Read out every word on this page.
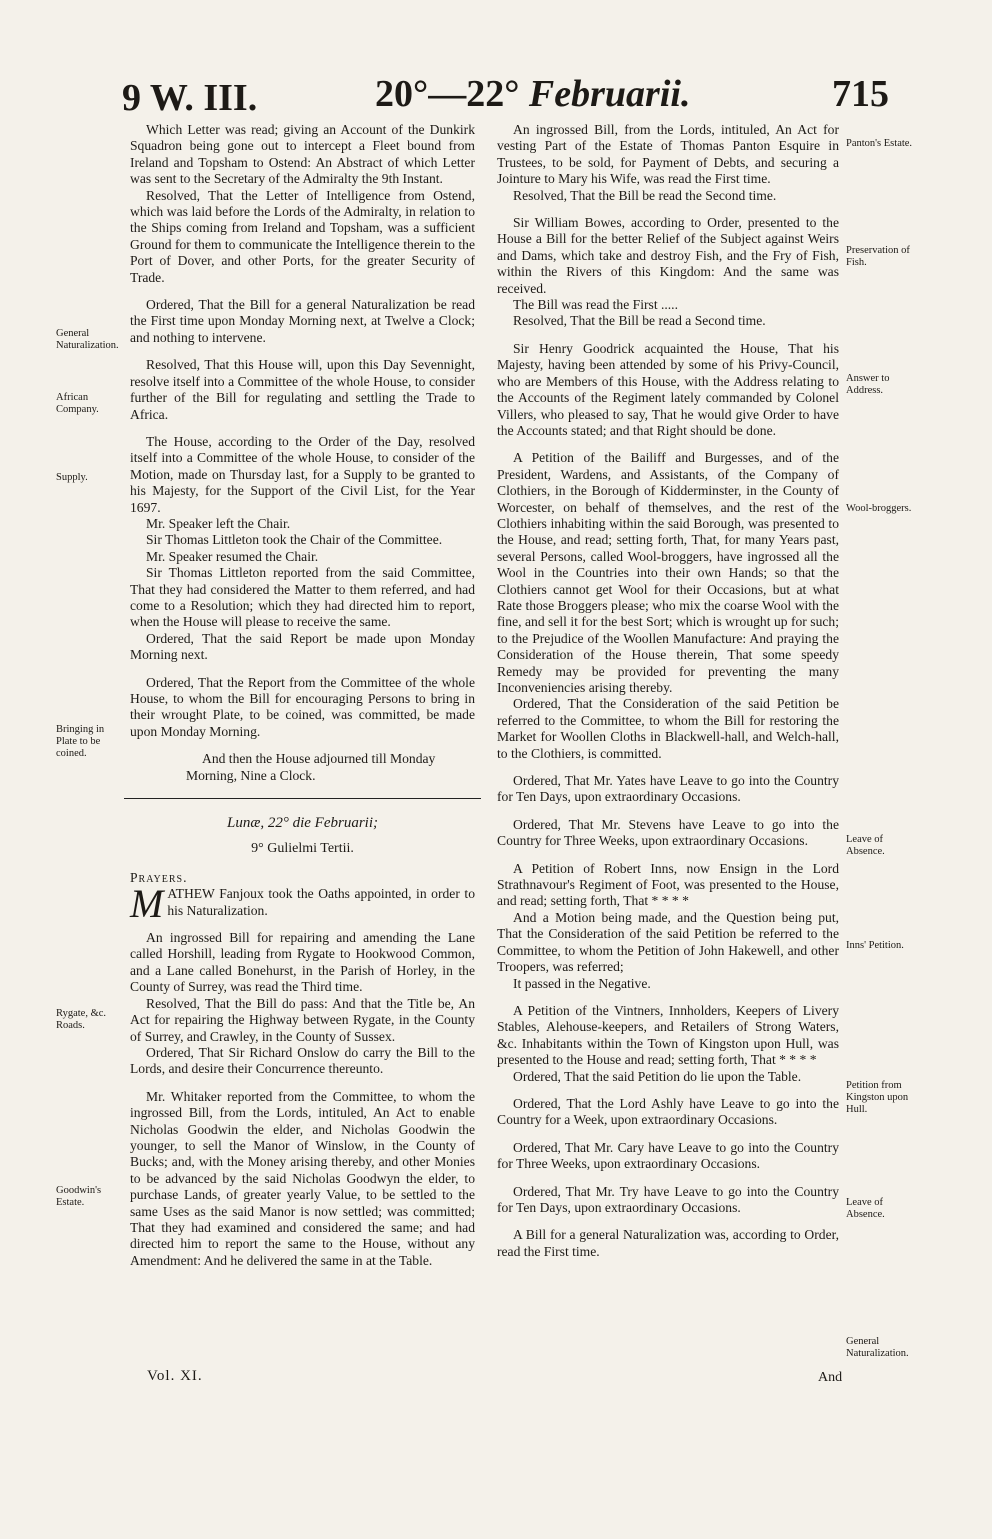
9 W. III.	20°—22° Februarii.	715

Which Letter was read; giving an Account of the Dunkirk Squadron being gone out to intercept a Fleet bound from Ireland and Topsham to Ostend: An Abstract of which Letter was sent to the Secretary of the Admiralty the 9th Instant.

Resolved, That the Letter of Intelligence from Ostend, which was laid before the Lords of the Admiralty, in relation to the Ships coming from Ireland and Topsham, was a sufficient Ground for them to communicate the Intelligence therein to the Port of Dover, and other Ports, for the greater Security of Trade.

Ordered, That the Bill for a general Naturalization be read the First time upon Monday Morning next, at Twelve a Clock; and nothing to intervene.

Resolved, That this House will, upon this Day Sevennight, resolve itself into a Committee of the whole House, to consider further of the Bill for regulating and settling the Trade to Africa.

The House, according to the Order of the Day, resolved itself into a Committee of the whole House, to consider of the Motion, made on Thursday last, for a Supply to be granted to his Majesty, for the Support of the Civil List, for the Year 1697.

Mr. Speaker left the Chair.

Sir Thomas Littleton took the Chair of the Committee.

Mr. Speaker resumed the Chair.

Sir Thomas Littleton reported from the said Committee, That they had considered the Matter to them referred, and had come to a Resolution; which they had directed him to report, when the House will please to receive the same.

Ordered, That the said Report be made upon Monday Morning next.

Ordered, That the Report from the Committee of the whole House, to whom the Bill for encouraging Persons to bring in their wrought Plate, to be coined, was committed, be made upon Monday Morning.

And then the House adjourned till Monday Morning, Nine a Clock.

Lunæ, 22° die Februarii;
9° Gulielmi Tertii.

Prayers.

MATHEW Fanjoux took the Oaths appointed, in order to his Naturalization.

An ingrossed Bill for repairing and amending the Lane called Horshill, leading from Rygate to Hookwood Common, and a Lane called Bonehurst, in the Parish of Horley, in the County of Surrey, was read the Third time.

Resolved, That the Bill do pass: And that the Title be, An Act for repairing the Highway between Rygate, in the County of Surrey, and Crawley, in the County of Sussex.

Ordered, That Sir Richard Onslow do carry the Bill to the Lords, and desire their Concurrence thereunto.

Mr. Whitaker reported from the Committee, to whom the ingrossed Bill, from the Lords, intituled, An Act to enable Nicholas Goodwin the elder, and Nicholas Goodwin the younger, to sell the Manor of Winslow, in the County of Bucks; and, with the Money arising thereby, and other Monies to be advanced by the said Nicholas Goodwyn the elder, to purchase Lands, of greater yearly Value, to be settled to the same Uses as the said Manor is now settled; was committed; That they had examined and considered the same; and had directed him to report the same to the House, without any Amendment: And he delivered the same in at the Table.

An ingrossed Bill, from the Lords, intituled, An Act for vesting Part of the Estate of Thomas Panton Esquire in Trustees, to be sold, for Payment of Debts, and securing a Jointure to Mary his Wife, was read the First time.

Resolved, That the Bill be read the Second time.

Sir William Bowes, according to Order, presented to the House a Bill for the better Relief of the Subject against Weirs and Dams, which take and destroy Fish, and the Fry of Fish, within the Rivers of this Kingdom: And the same was received.

The Bill was read the First .....

Resolved, That the Bill be read a Second time.

Sir Henry Goodrick acquainted the House, That his Majesty, having been attended by some of his Privy-Council, who are Members of this House, with the Address relating to the Accounts of the Regiment lately commanded by Colonel Villers, who pleased to say, That he would give Order to have the Accounts stated; and that Right should be done.

A Petition of the Bailiff and Burgesses, and of the President, Wardens, and Assistants, of the Company of Clothiers, in the Borough of Kidderminster, in the County of Worcester, on behalf of themselves, and the rest of the Clothiers inhabiting within the said Borough, was presented to the House, and read; setting forth, That, for many Years past, several Persons, called Wool-broggers, have ingrossed all the Wool in the Countries into their own Hands; so that the Clothiers cannot get Wool for their Occasions, but at what Rate those Broggers please; who mix the coarse Wool with the fine, and sell it for the best Sort; which is wrought up for such; to the Prejudice of the Woollen Manufacture: And praying the Consideration of the House therein, That some speedy Remedy may be provided for preventing the many Inconveniencies arising thereby.

Ordered, That the Consideration of the said Petition be referred to the Committee, to whom the Bill for restoring the Market for Woollen Cloths in Blackwell-hall, and Welch-hall, to the Clothiers, is committed.

Ordered, That Mr. Yates have Leave to go into the Country for Ten Days, upon extraordinary Occasions.

Ordered, That Mr. Stevens have Leave to go into the Country for Three Weeks, upon extraordinary Occasions.

A Petition of Robert Inns, now Ensign in the Lord Strathnavour's Regiment of Foot, was presented to the House, and read; setting forth, That * * * *

And a Motion being made, and the Question being put, That the Consideration of the said Petition be referred to the Committee, to whom the Petition of John Hakewell, and other Troopers, was referred;

It passed in the Negative.

A Petition of the Vintners, Innholders, Keepers of Livery Stables, Alehouse-keepers, and Retailers of Strong Waters, &c. Inhabitants within the Town of Kingston upon Hull, was presented to the House and read; setting forth, That * * * *

Ordered, That the said Petition do lie upon the Table.

Ordered, That the Lord Ashly have Leave to go into the Country for a Week, upon extraordinary Occasions.

Ordered, That Mr. Cary have Leave to go into the Country for Three Weeks, upon extraordinary Occasions.

Ordered, That Mr. Try have Leave to go into the Country for Ten Days, upon extraordinary Occasions.

A Bill for a general Naturalization was, according to Order, read the First time.

General Naturalization.
African Company.
Supply.
Bringing in Plate to be coined.
Rygate, &c. Roads.
Goodwin's Estate.
Panton's Estate.
Preservation of Fish.
Answer to Address.
Wool-broggers.
Leave of Absence.
Inns' Petition.
Petition from Kingston upon Hull.
Leave of Absence.
General Naturalization.
Vol. XI.	And
